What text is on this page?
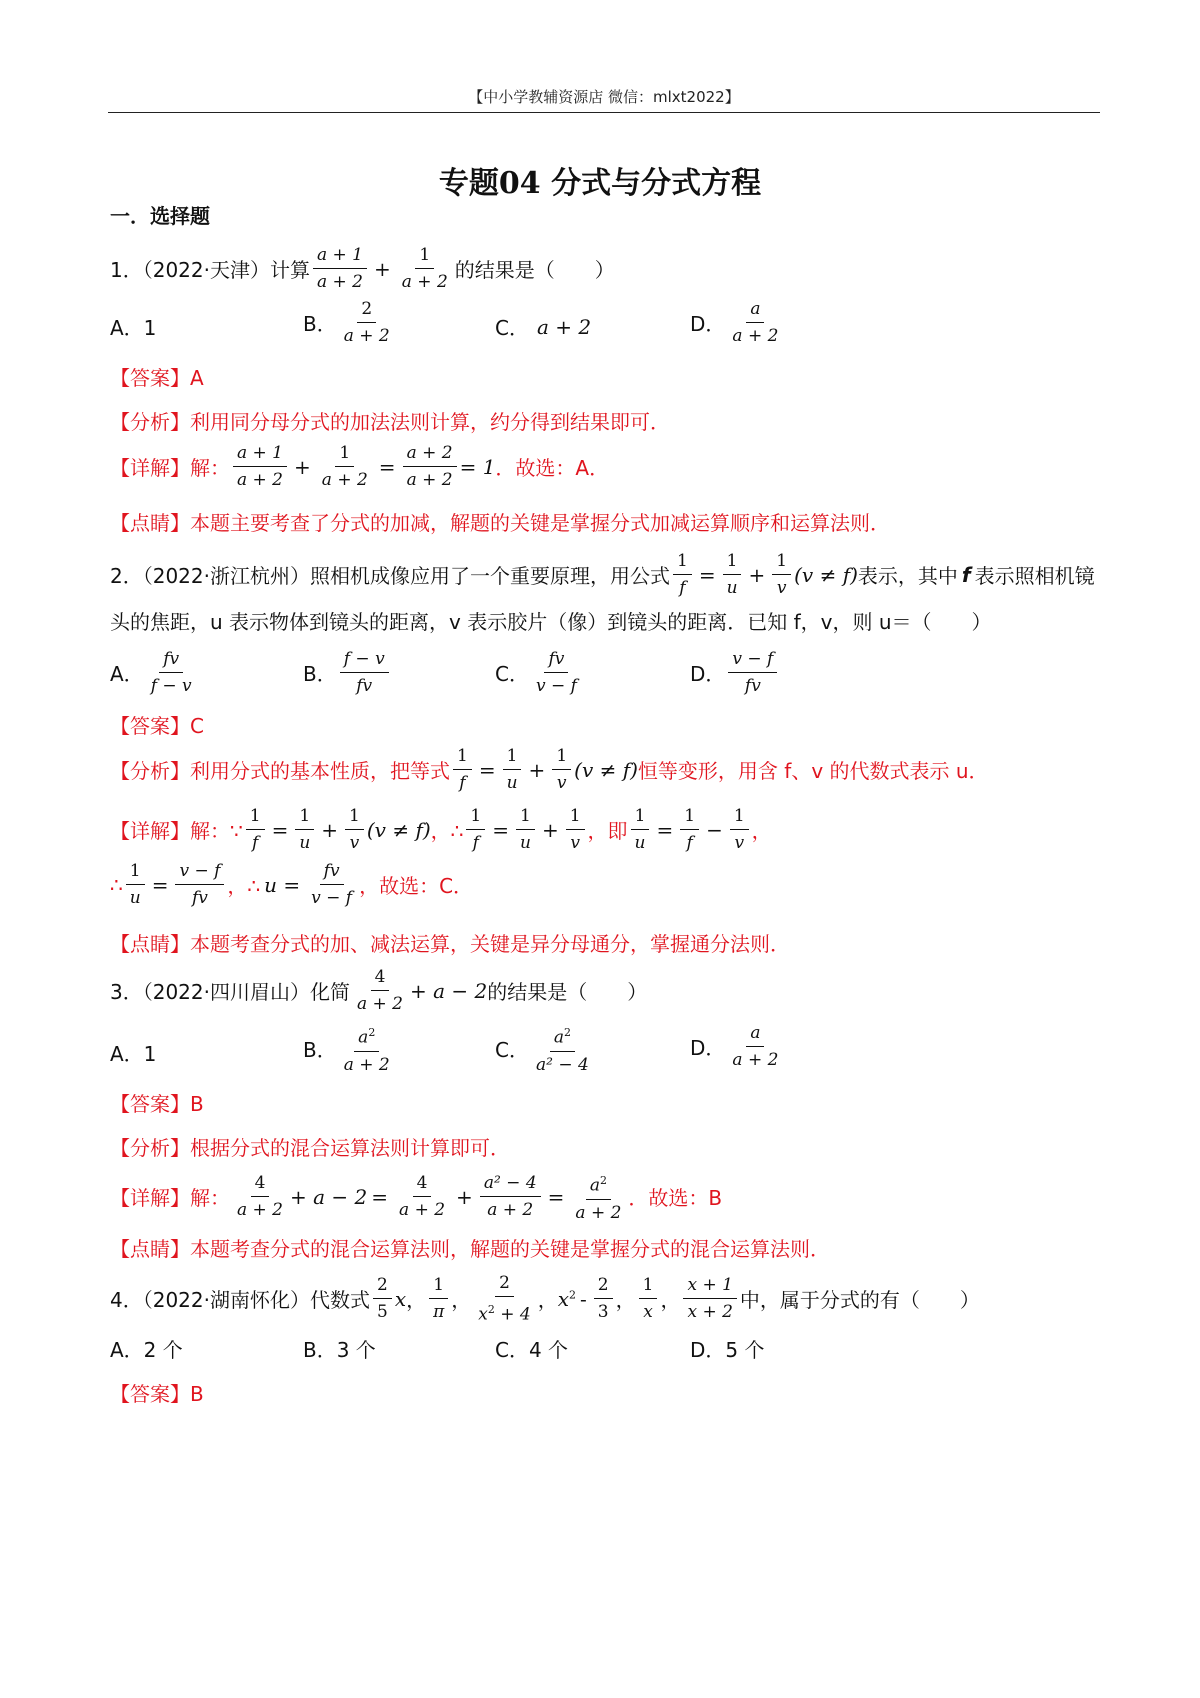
【中小学教辅资源店 微信：mlxt2022】
专题04 分式与分式方程
一．选择题
1．（2022·天津）计算 $\frac{a + 1}{a + 2} + \frac{1}{a + 2}$ 的结果是（　　）
A．1	B． $\frac{2}{a + 2}$	C． a + 2	D． $\frac{a}{a + 2}$
【答案】A
【分析】利用同分母分式的加法法则计算，约分得到结果即可．
【详解】解： $\frac{a + 1}{a + 2} + \frac{1}{a + 2} = \frac{a + 2}{a + 2} = 1$ ．故选：A．
【点睛】本题主要考查了分式的加减，解题的关键是掌握分式加减运算顺序和运算法则．
2．（2022·浙江杭州）照相机成像应用了一个重要原理，用公式 $\frac{1}{f} = \frac{1}{u} + \frac{1}{v} (v \ne f)$ 表示，其中 f 表示照相机镜
头的焦距，u 表示物体到镜头的距离，v 表示胶片（像）到镜头的距离．已知 f，v，则 u＝（　　）
A． $\frac{fv}{f - v}$	B． $\frac{f - v}{fv}$	C． $\frac{fv}{v - f}$	D． $\frac{v - f}{fv}$
【答案】C
【分析】利用分式的基本性质，把等式 $\frac{1}{f} = \frac{1}{u} + \frac{1}{v} (v \ne f)$ 恒等变形，用含 f、v 的代数式表示 u．
【详解】解：∵ $\frac{1}{f} = \frac{1}{u} + \frac{1}{v} (v \ne f)$ ，∴ $\frac{1}{f} = \frac{1}{u} + \frac{1}{v}$ ，即 $\frac{1}{u} = \frac{1}{f} - \frac{1}{v}$ ，
∴ $\frac{1}{u} = \frac{v - f}{fv}$ ，∴ $u = \frac{fv}{v - f}$ ，故选：C．
【点睛】本题考查分式的加、减法运算，关键是异分母通分，掌握通分法则．
3．（2022·四川眉山）化简 $\frac{4}{a + 2} + a - 2$ 的结果是（　　）
A．1	B． $\frac{a^2}{a + 2}$	C． $\frac{a^2}{\text{a² − 4}}$	D． $\frac{a}{a + 2}$
【答案】B
【分析】根据分式的混合运算法则计算即可．
【详解】解： $\frac{4}{a + 2} + a - 2 = \frac{4}{a + 2} + \frac{\text{a² − 4}}{a + 2} = \frac{a^2}{a + 2}$ ．故选：B
【点睛】本题考查分式的混合运算法则，解题的关键是掌握分式的混合运算法则．
4．（2022·湖南怀化）代数式 $\frac{2}{5}$ x ， $\frac{1}{\pi}$ ， $\frac{2}{x^2 + 4}$ ， $x^2 - \frac{2}{3}$ ， $\frac{1}{x}$ ， $\frac{x + 1}{x + 2}$ 中，属于分式的有（　　）
A．2 个	B．3 个	C．4 个	D．5 个
【答案】B
